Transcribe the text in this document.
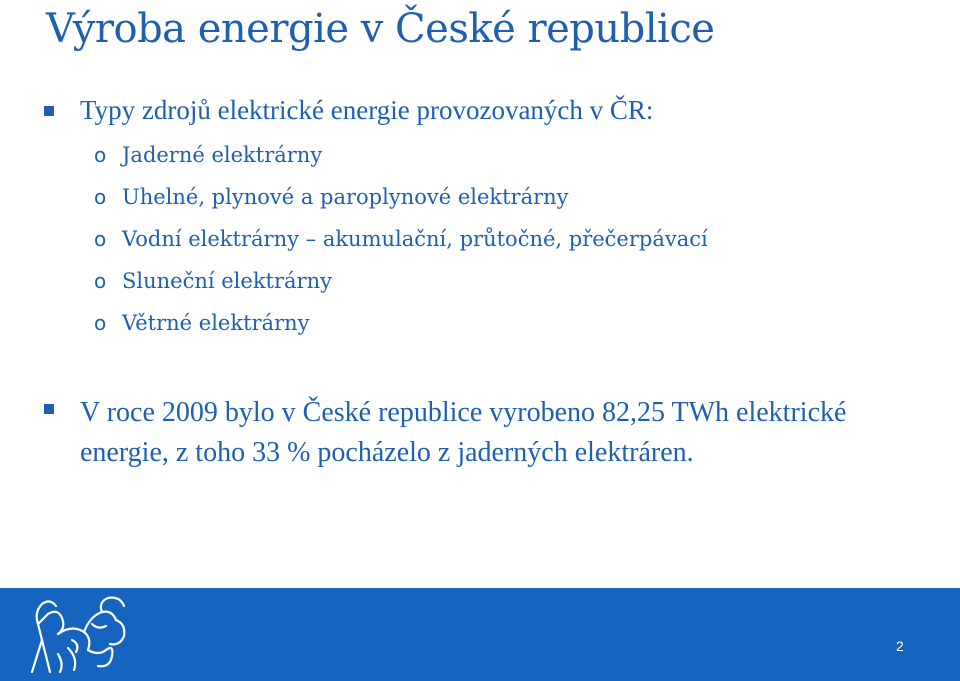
Výroba energie v České republice
Typy zdrojů elektrické energie provozovaných v ČR:
o Jaderné elektrárny
o Uhelné, plynové a paroplynové elektrárny
o Vodní elektrárny – akumulační, průtočné, přečerpávací
o Sluneční elektrárny
o Větrné elektrárny
V roce 2009 bylo v České republice vyrobeno 82,25 TWh elektrické energie, z toho 33 % pocházelo z jaderných elektráren.
2
